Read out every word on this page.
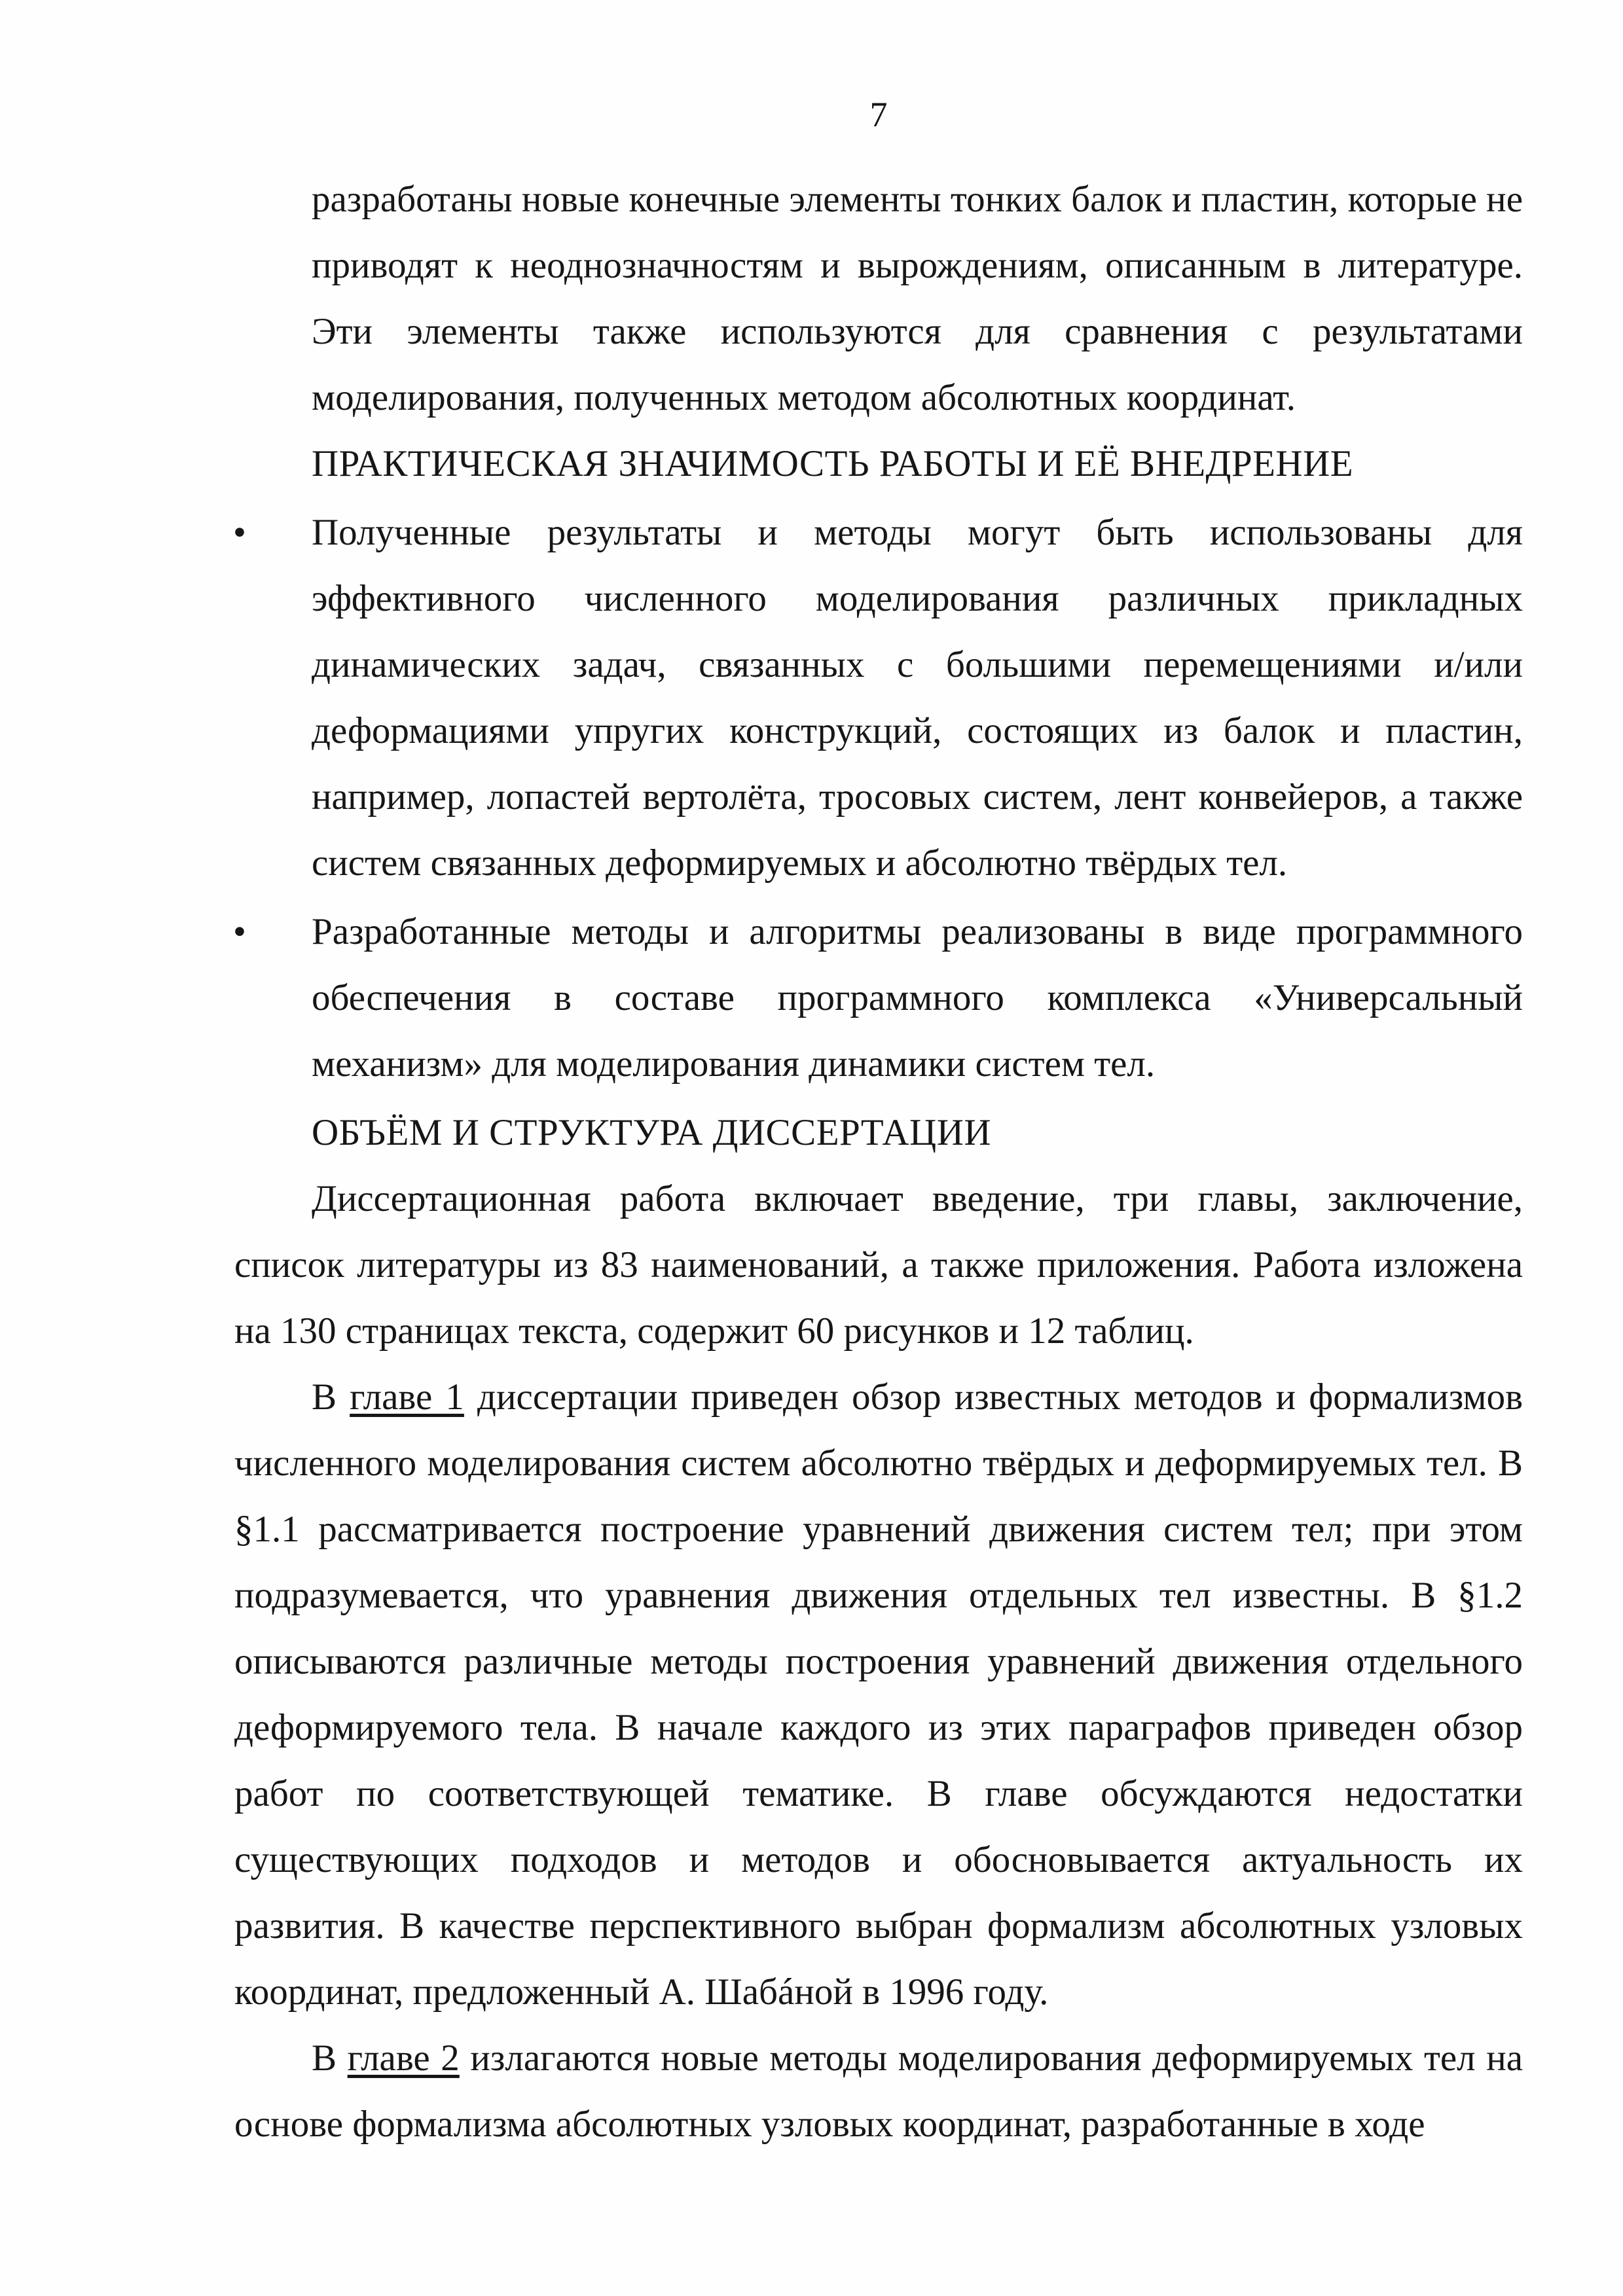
7

разработаны новые конечные элементы тонких балок и пластин, которые не приводят к неоднозначностям и вырождениям, описанным в литературе. Эти элементы также используются для сравнения с результатами моделирования, полученных методом абсолютных координат.

ПРАКТИЧЕСКАЯ ЗНАЧИМОСТЬ РАБОТЫ И ЕЁ ВНЕДРЕНИЕ

• Полученные результаты и методы могут быть использованы для эффективного численного моделирования различных прикладных динамических задач, связанных с большими перемещениями и/или деформациями упругих конструкций, состоящих из балок и пластин, например, лопастей вертолёта, тросовых систем, лент конвейеров, а также систем связанных деформируемых и абсолютно твёрдых тел.
• Разработанные методы и алгоритмы реализованы в виде программного обеспечения в составе программного комплекса «Универсальный механизм» для моделирования динамики систем тел.

ОБЪЁМ И СТРУКТУРА ДИССЕРТАЦИИ

Диссертационная работа включает введение, три главы, заключение, список литературы из 83 наименований, а также приложения. Работа изложена на 130 страницах текста, содержит 60 рисунков и 12 таблиц.

В главе 1 диссертации приведен обзор известных методов и формализмов численного моделирования систем абсолютно твёрдых и деформируемых тел. В §1.1 рассматривается построение уравнений движения систем тел; при этом подразумевается, что уравнения движения отдельных тел известны. В §1.2 описываются различные методы построения уравнений движения отдельного деформируемого тела. В начале каждого из этих параграфов приведен обзор работ по соответствующей тематике. В главе обсуждаются недостатки существующих подходов и методов и обосновывается актуальность их развития. В качестве перспективного выбран формализм абсолютных узловых координат, предложенный А. Шабáной в 1996 году.

В главе 2 излагаются новые методы моделирования деформируемых тел на основе формализма абсолютных узловых координат, разработанные в ходе
